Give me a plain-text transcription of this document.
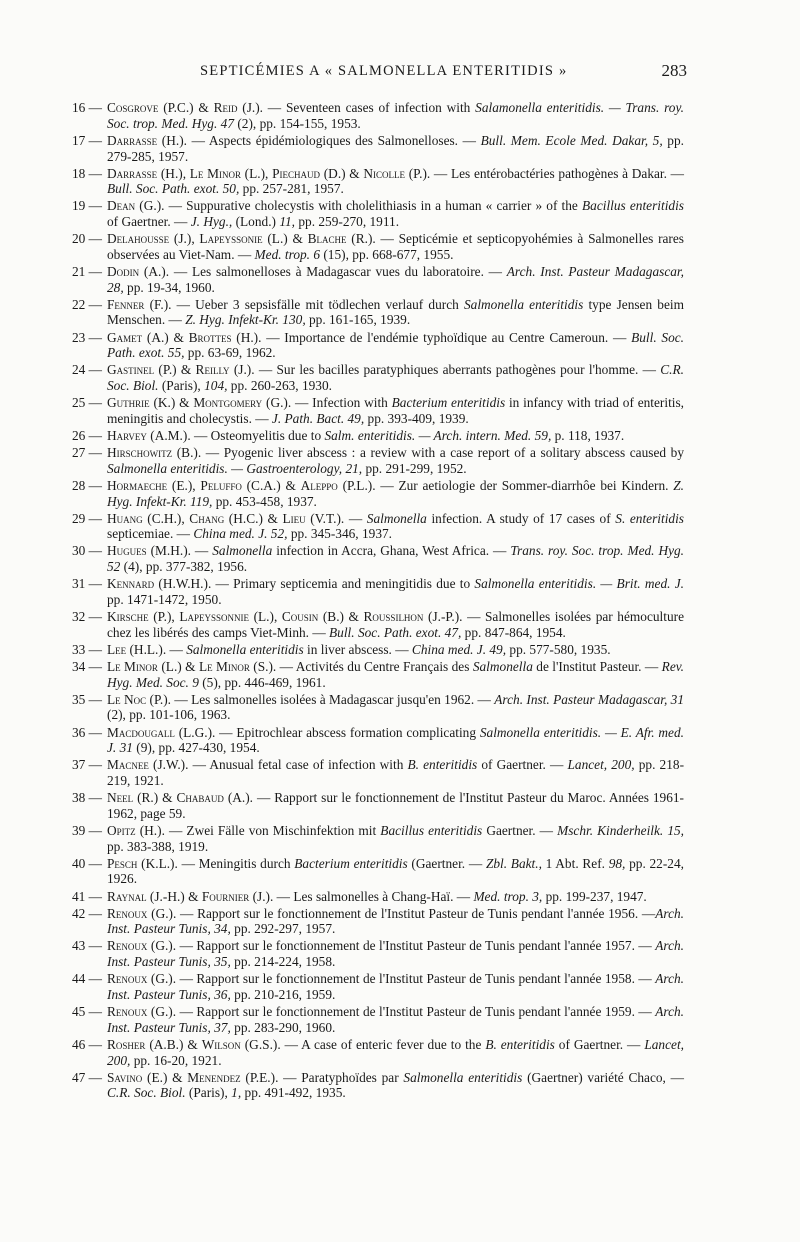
SEPTICÉMIES A « SALMONELLA ENTERITIDIS »	283
16 — Cosgrove (P.C.) & Reid (J.). — Seventeen cases of infection with Salamonella enteritidis. — Trans. roy. Soc. trop. Med. Hyg. 47 (2), pp. 154-155, 1953.
17 — Darrasse (H.). — Aspects épidémiologiques des Salmonelloses. — Bull. Mem. Ecole Med. Dakar, 5, pp. 279-285, 1957.
18 — Darrasse (H.), Le Minor (L.), Piechaud (D.) & Nicolle (P.). — Les entérobactéries pathogènes à Dakar. — Bull. Soc. Path. exot. 50, pp. 257-281, 1957.
19 — Dean (G.). — Suppurative cholecystis with cholelithiasis in a human « carrier » of the Bacillus enteritidis of Gaertner. — J. Hyg., (Lond.) 11, pp. 259-270, 1911.
20 — Delahousse (J.), Lapeyssonie (L.) & Blache (R.). — Septicémie et septicopyohémies à Salmonelles rares observées au Viet-Nam. — Med. trop. 6 (15), pp. 668-677, 1955.
21 — Dodin (A.). — Les salmonelloses à Madagascar vues du laboratoire. — Arch. Inst. Pasteur Madagascar, 28, pp. 19-34, 1960.
22 — Fenner (F.). — Ueber 3 sepsisfälle mit tödlechen verlauf durch Salmonella enteritidis type Jensen beim Menschen. — Z. Hyg. Infekt-Kr. 130, pp. 161-165, 1939.
23 — Gamet (A.) & Brottes (H.). — Importance de l'endémie typhoïdique au Centre Cameroun. — Bull. Soc. Path. exot. 55, pp. 63-69, 1962.
24 — Gastinel (P.) & Reilly (J.). — Sur les bacilles paratyphiques aberrants pathogènes pour l'homme. — C.R. Soc. Biol. (Paris), 104, pp. 260-263, 1930.
25 — Guthrie (K.) & Montgomery (G.). — Infection with Bacterium enteritidis in infancy with triad of enteritis, meningitis and cholecystis. — J. Path. Bact. 49, pp. 393-409, 1939.
26 — Harvey (A.M.). — Osteomyelitis due to Salm. enteritidis. — Arch. intern. Med. 59, p. 118, 1937.
27 — Hirschowitz (B.). — Pyogenic liver abscess : a review with a case report of a solitary abscess caused by Salmonella enteritidis. — Gastroenterology, 21, pp. 291-299, 1952.
28 — Hormaeche (E.), Peluffo (C.A.) & Aleppo (P.L.). — Zur aetiologie der Sommer-diarrhôe bei Kindern. Z. Hyg. Infekt-Kr. 119, pp. 453-458, 1937.
29 — Huang (C.H.), Chang (H.C.) & Lieu (V.T.). — Salmonella infection. A study of 17 cases of S. enteritidis septicemiae. — China med. J. 52, pp. 345-346, 1937.
30 — Hugues (M.H.). — Salmonella infection in Accra, Ghana, West Africa. — Trans. roy. Soc. trop. Med. Hyg. 52 (4), pp. 377-382, 1956.
31 — Kennard (H.W.H.). — Primary septicemia and meningitidis due to Salmonella enteritidis. — Brit. med. J. pp. 1471-1472, 1950.
32 — Kirsche (P.), Lapeyssonnie (L.), Cousin (B.) & Roussilhon (J.-P.). — Salmonelles isolées par hémoculture chez les libérés des camps Viet-Minh. — Bull. Soc. Path. exot. 47, pp. 847-864, 1954.
33 — Lee (H.L.). — Salmonella enteritidis in liver abscess. — China med. J. 49, pp. 577-580, 1935.
34 — Le Minor (L.) & Le Minor (S.). — Activités du Centre Français des Salmonella de l'Institut Pasteur. — Rev. Hyg. Med. Soc. 9 (5), pp. 446-469, 1961.
35 — Le Noc (P.). — Les salmonelles isolées à Madagascar jusqu'en 1962. — Arch. Inst. Pasteur Madagascar, 31 (2), pp. 101-106, 1963.
36 — Macdougall (L.G.). — Epitrochlear abscess formation complicating Salmonella enteritidis. — E. Afr. med. J. 31 (9), pp. 427-430, 1954.
37 — Macnee (J.W.). — Anusual fetal case of infection with B. enteritidis of Gaertner. — Lancet, 200, pp. 218-219, 1921.
38 — Neel (R.) & Chabaud (A.). — Rapport sur le fonctionnement de l'Institut Pasteur du Maroc. Années 1961-1962, page 59.
39 — Opitz (H.). — Zwei Fälle von Mischinfektion mit Bacillus enteritidis Gaertner. — Mschr. Kinderheilk. 15, pp. 383-388, 1919.
40 — Pesch (K.L.). — Meningitis durch Bacterium enteritidis (Gaertner. — Zbl. Bakt., 1 Abt. Ref. 98, pp. 22-24, 1926.
41 — Raynal (J.-H.) & Fournier (J.). — Les salmonelles à Chang-Haï. — Med. trop. 3, pp. 199-237, 1947.
42 — Renoux (G.). — Rapport sur le fonctionnement de l'Institut Pasteur de Tunis pendant l'année 1956. —Arch. Inst. Pasteur Tunis, 34, pp. 292-297, 1957.
43 — Renoux (G.). — Rapport sur le fonctionnement de l'Institut Pasteur de Tunis pendant l'année 1957. — Arch. Inst. Pasteur Tunis, 35, pp. 214-224, 1958.
44 — Renoux (G.). — Rapport sur le fonctionnement de l'Institut Pasteur de Tunis pendant l'année 1958. — Arch. Inst. Pasteur Tunis, 36, pp. 210-216, 1959.
45 — Renoux (G.). — Rapport sur le fonctionnement de l'Institut Pasteur de Tunis pendant l'année 1959. — Arch. Inst. Pasteur Tunis, 37, pp. 283-290, 1960.
46 — Rosher (A.B.) & Wilson (G.S.). — A case of enteric fever due to the B. enteritidis of Gaertner. — Lancet, 200, pp. 16-20, 1921.
47 — Savino (E.) & Menendez (P.E.). — Paratyphoïdes par Salmonella enteritidis (Gaertner) variété Chaco, — C.R. Soc. Biol. (Paris), 1, pp. 491-492, 1935.
